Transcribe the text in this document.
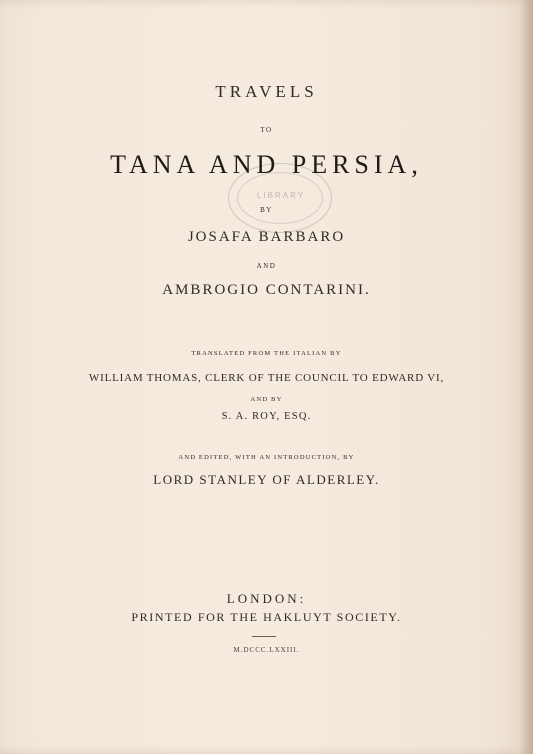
LIBRARY
TRAVELS
TO
TANA AND PERSIA,
BY
JOSAFA BARBARO
AND
AMBROGIO CONTARINI.
TRANSLATED FROM THE ITALIAN BY
WILLIAM THOMAS, CLERK OF THE COUNCIL TO EDWARD VI,
AND BY
S. A. ROY, ESQ.
AND EDITED, WITH AN INTRODUCTION, BY
LORD STANLEY OF ALDERLEY.
LONDON:
PRINTED FOR THE HAKLUYT SOCIETY.
M.DCCC.LXXIII.
